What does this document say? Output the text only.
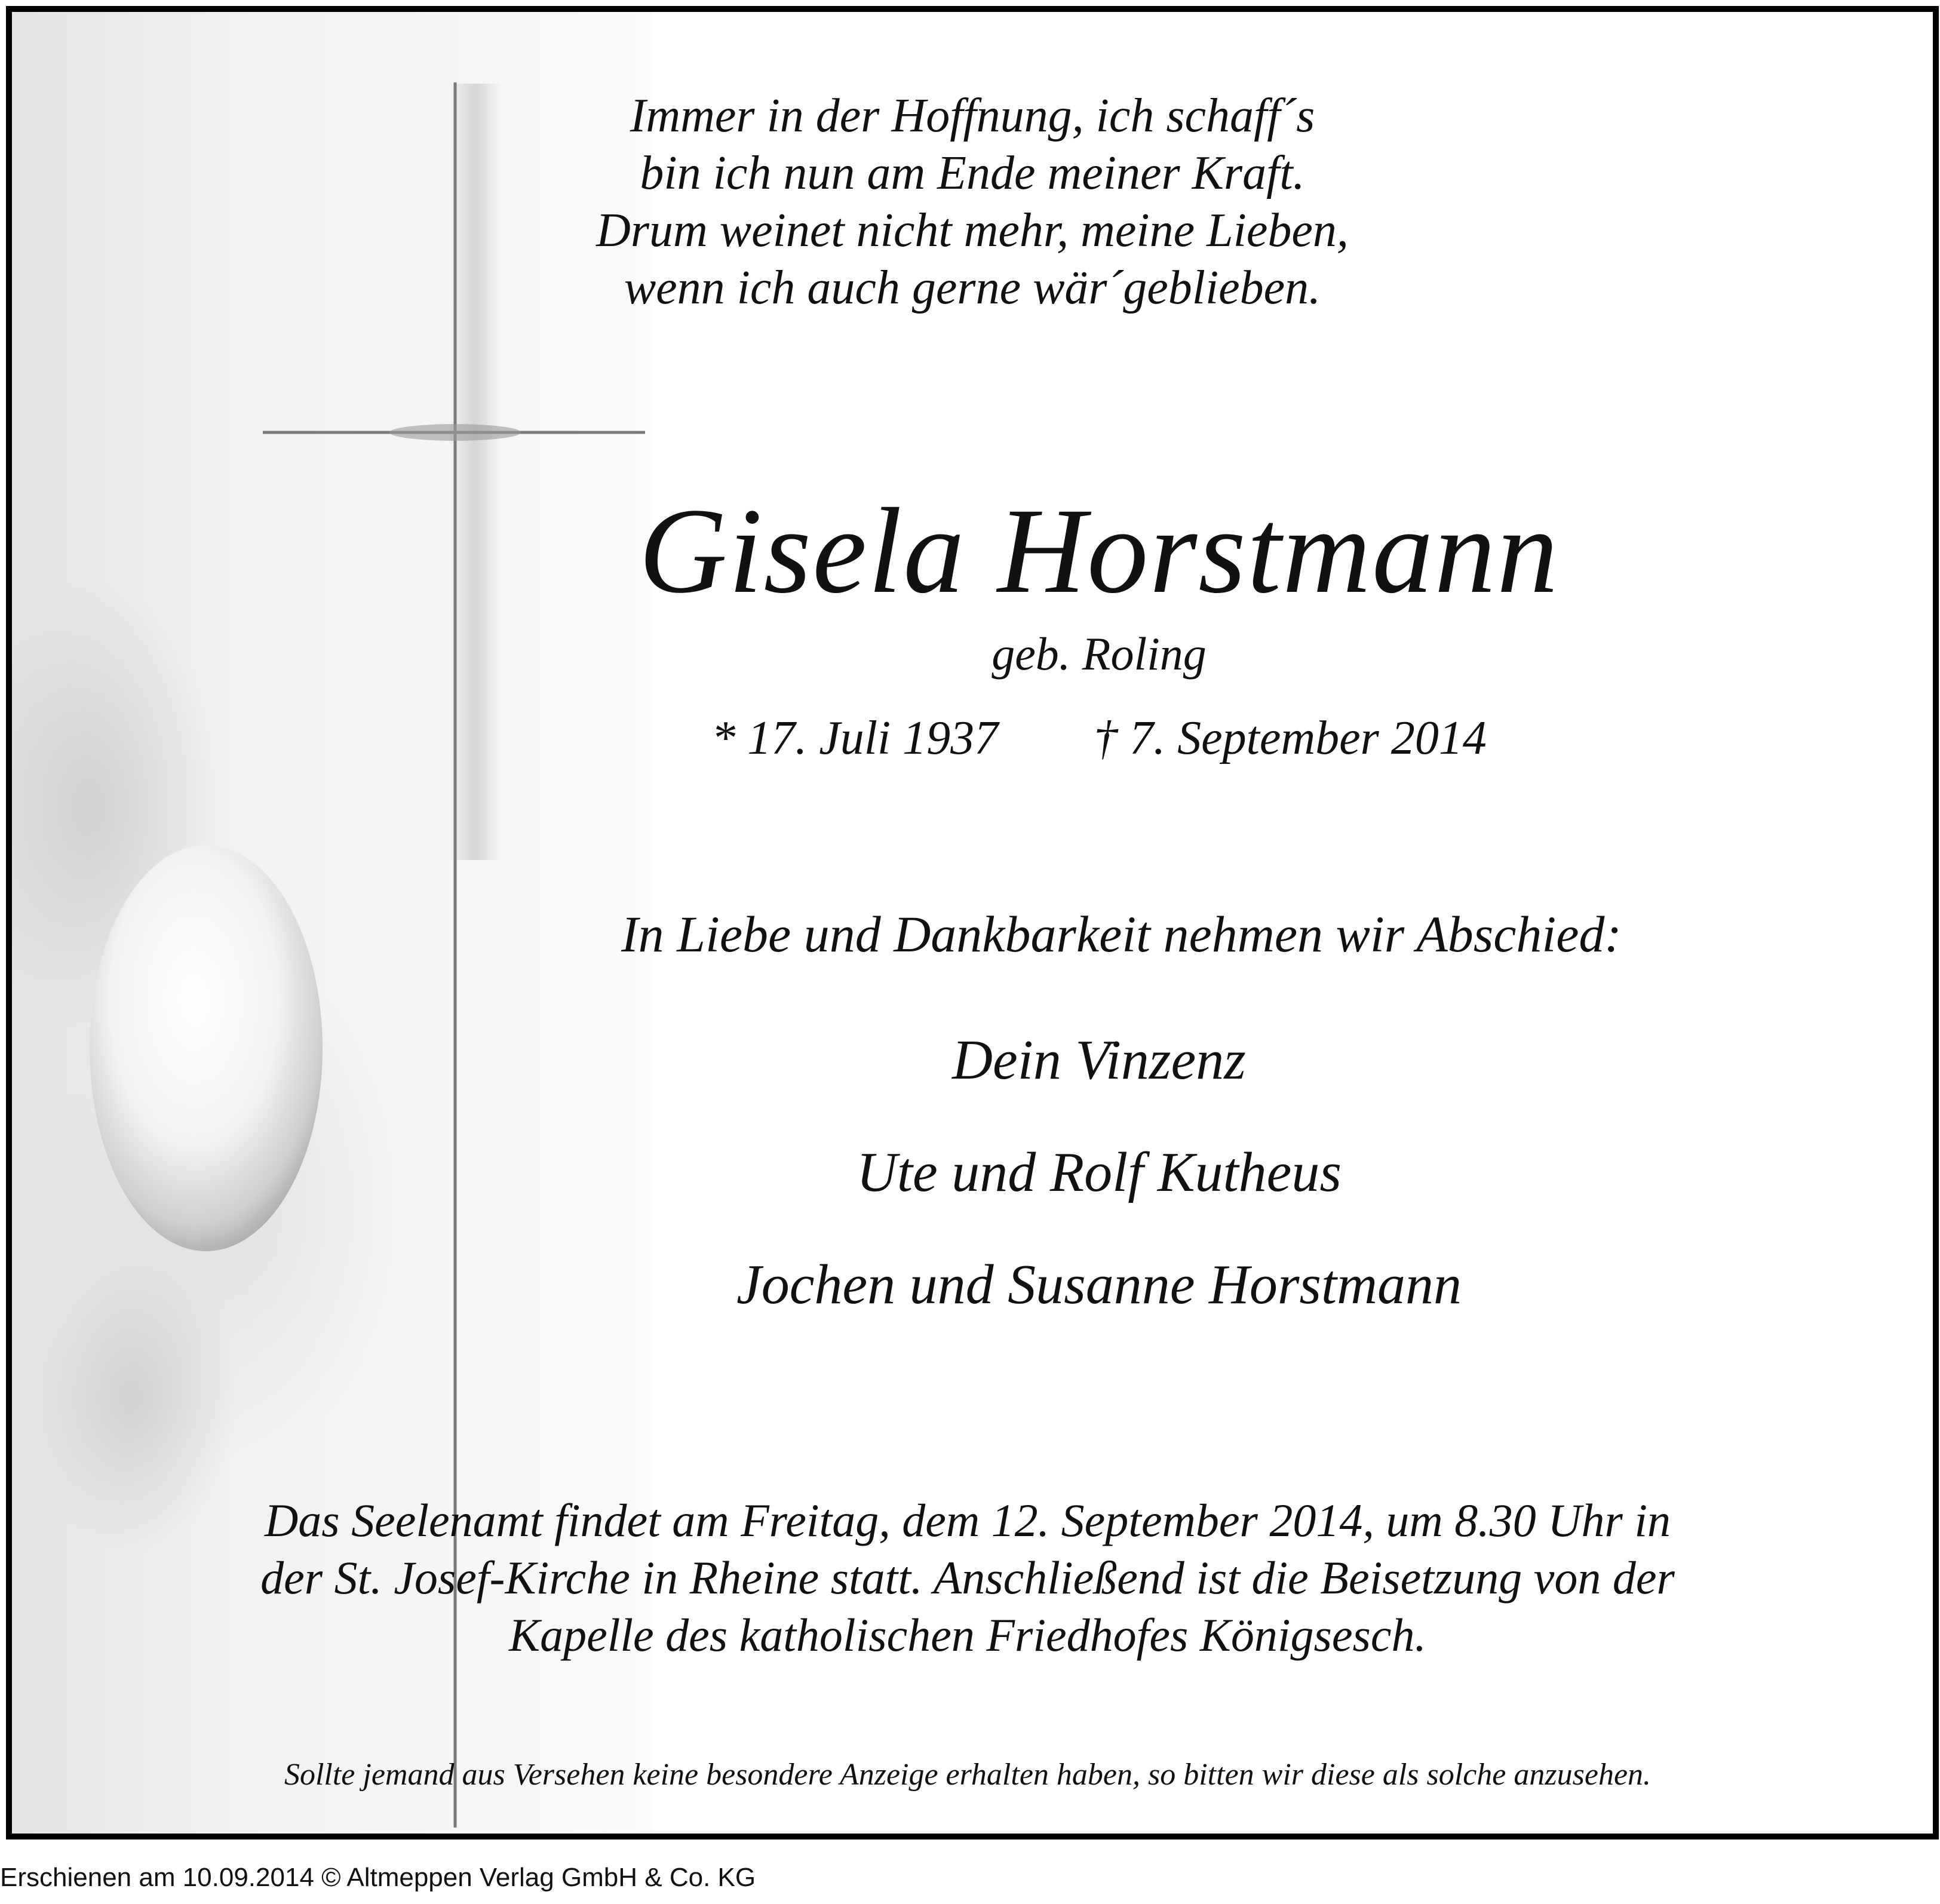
Immer in der Hoffnung, ich schaff´s
bin ich nun am Ende meiner Kraft.
Drum weinet nicht mehr, meine Lieben,
wenn ich auch gerne wär´geblieben.
Gisela Horstmann
geb. Roling
* 17. Juli 1937 † 7. September 2014
In Liebe und Dankbarkeit nehmen wir Abschied:
Dein Vinzenz
Ute und Rolf Kutheus
Jochen und Susanne Horstmann
Das Seelenamt findet am Freitag, dem 12. September 2014, um 8.30 Uhr in
der St. Josef-Kirche in Rheine statt. Anschließend ist die Beisetzung von der
Kapelle des katholischen Friedhofes Königsesch.
Sollte jemand aus Versehen keine besondere Anzeige erhalten haben, so bitten wir diese als solche anzusehen.
Erschienen am 10.09.2014 © Altmeppen Verlag GmbH & Co. KG
